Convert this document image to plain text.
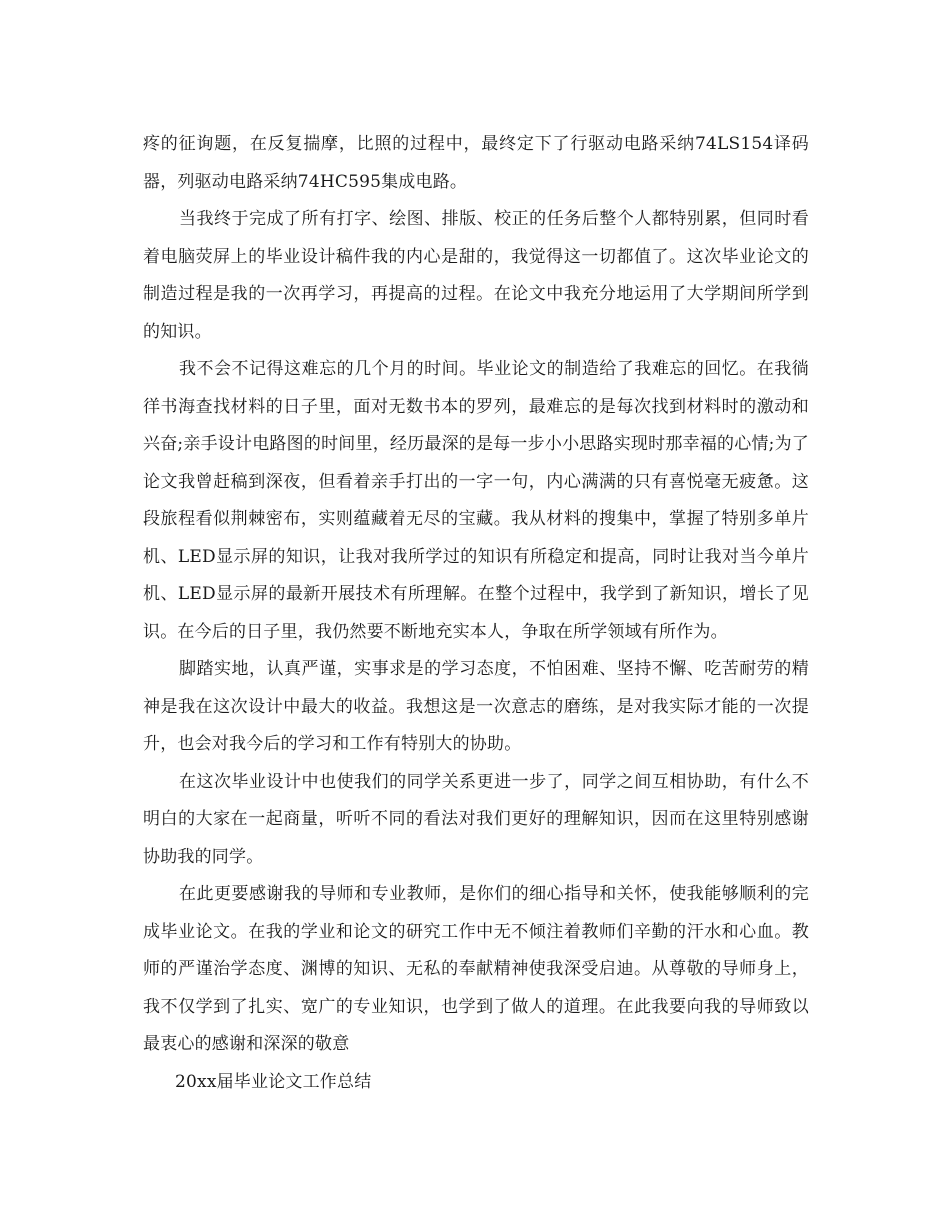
疼的征询题，在反复揣摩，比照的过程中，最终定下了行驱动电路采纳74LS154译码器，列驱动电路采纳74HC595集成电路。

当我终于完成了所有打字、绘图、排版、校正的任务后整个人都特别累，但同时看着电脑荧屏上的毕业设计稿件我的内心是甜的，我觉得这一切都值了。这次毕业论文的制造过程是我的一次再学习，再提高的过程。在论文中我充分地运用了大学期间所学到的知识。

我不会不记得这难忘的几个月的时间。毕业论文的制造给了我难忘的回忆。在我徜徉书海查找材料的日子里，面对无数书本的罗列，最难忘的是每次找到材料时的激动和兴奋;亲手设计电路图的时间里，经历最深的是每一步小小思路实现时那幸福的心情;为了论文我曾赶稿到深夜，但看着亲手打出的一字一句，内心满满的只有喜悦毫无疲惫。这段旅程看似荆棘密布，实则蕴藏着无尽的宝藏。我从材料的搜集中，掌握了特别多单片机、LED显示屏的知识，让我对我所学过的知识有所稳定和提高，同时让我对当今单片机、LED显示屏的最新开展技术有所理解。在整个过程中，我学到了新知识，增长了见识。在今后的日子里，我仍然要不断地充实本人，争取在所学领域有所作为。

脚踏实地，认真严谨，实事求是的学习态度，不怕困难、坚持不懈、吃苦耐劳的精神是我在这次设计中最大的收益。我想这是一次意志的磨练，是对我实际才能的一次提升，也会对我今后的学习和工作有特别大的协助。

在这次毕业设计中也使我们的同学关系更进一步了，同学之间互相协助，有什么不明白的大家在一起商量，听听不同的看法对我们更好的理解知识，因而在这里特别感谢协助我的同学。

在此更要感谢我的导师和专业教师，是你们的细心指导和关怀，使我能够顺利的完成毕业论文。在我的学业和论文的研究工作中无不倾注着教师们辛勤的汗水和心血。教师的严谨治学态度、渊博的知识、无私的奉献精神使我深受启迪。从尊敬的导师身上，我不仅学到了扎实、宽广的专业知识，也学到了做人的道理。在此我要向我的导师致以最衷心的感谢和深深的敬意

20xx届毕业论文工作总结
